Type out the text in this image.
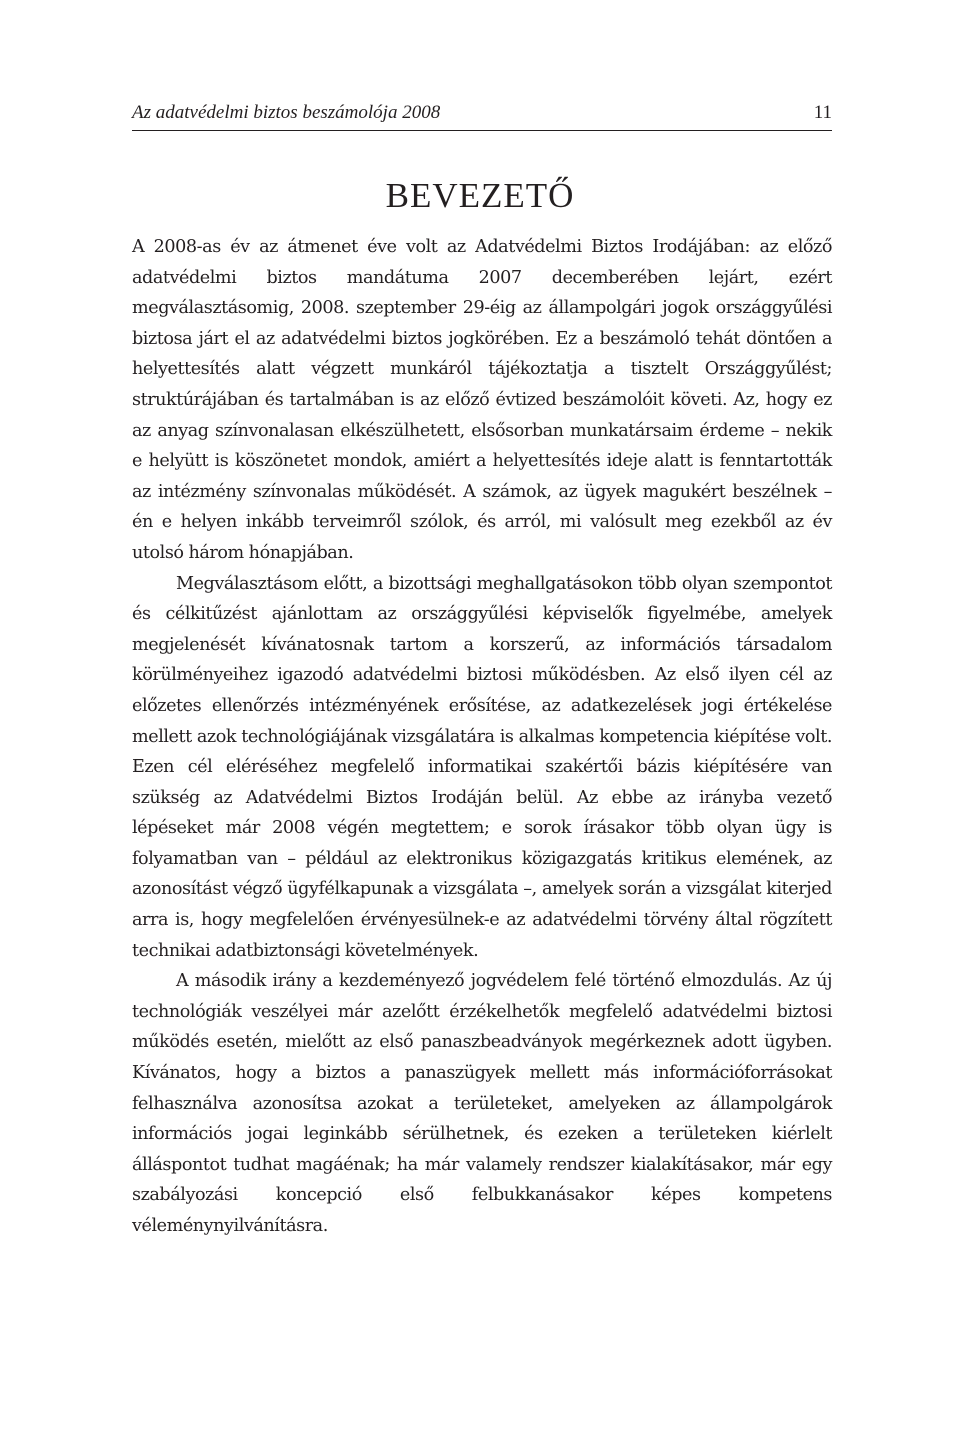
Az adatvédelmi biztos beszámolója 2008	11
BEVEZETŐ

A 2008-as év az átmenet éve volt az Adatvédelmi Biztos Irodájában: az előző adatvédelmi biztos mandátuma 2007 decemberében lejárt, ezért megválasztásomig, 2008. szeptember 29-éig az állampolgári jogok országgyűlési biztosa járt el az adatvédelmi biztos jogkörében. Ez a beszámoló tehát döntően a helyettesítés alatt végzett munkáról tájékoztatja a tisztelt Országgyűlést; struktúrájában és tartalmában is az előző évtized beszámolóit követi. Az, hogy ez az anyag színvonalasan elkészülhetett, elsősorban munkatársaim érdeme – nekik e helyütt is köszönetet mondok, amiért a helyettesítés ideje alatt is fenntartották az intézmény színvonalas működését. A számok, az ügyek magukért beszélnek – én e helyen inkább terveimről szólok, és arról, mi valósult meg ezekből az év utolsó három hónapjában.

Megválasztásom előtt, a bizottsági meghallgatásokon több olyan szempontot és célkitűzést ajánlottam az országgyűlési képviselők figyelmébe, amelyek megjelenését kívánatosnak tartom a korszerű, az információs társadalom körülményeihez igazodó adatvédelmi biztosi működésben. Az első ilyen cél az előzetes ellenőrzés intézményének erősítése, az adatkezelések jogi értékelése mellett azok technológiájának vizsgálatára is alkalmas kompetencia kiépítése volt. Ezen cél eléréséhez megfelelő informatikai szakértői bázis kiépítésére van szükség az Adatvédelmi Biztos Irodáján belül. Az ebbe az irányba vezető lépéseket már 2008 végén megtettem; e sorok írásakor több olyan ügy is folyamatban van – például az elektronikus közigazgatás kritikus elemének, az azonosítást végző ügyfélkapunak a vizsgálata –, amelyek során a vizsgálat kiterjed arra is, hogy megfelelően érvényesülnek-e az adatvédelmi törvény által rögzített technikai adatbiztonsági követelmények.

A második irány a kezdeményező jogvédelem felé történő elmozdulás. Az új technológiák veszélyei már azelőtt érzékelhetők megfelelő adatvédelmi biztosi működés esetén, mielőtt az első panaszbeadványok megérkeznek adott ügyben. Kívánatos, hogy a biztos a panaszügyek mellett más információforrásokat felhasználva azonosítsa azokat a területeket, amelyeken az állampolgárok információs jogai leginkább sérülhetnek, és ezeken a területeken kiérlelt álláspontot tudhat magáénak; ha már valamely rendszer kialakításakor, már egy szabályozási koncepció első felbukkanásakor képes kompetens véleménynyilvánításra.
